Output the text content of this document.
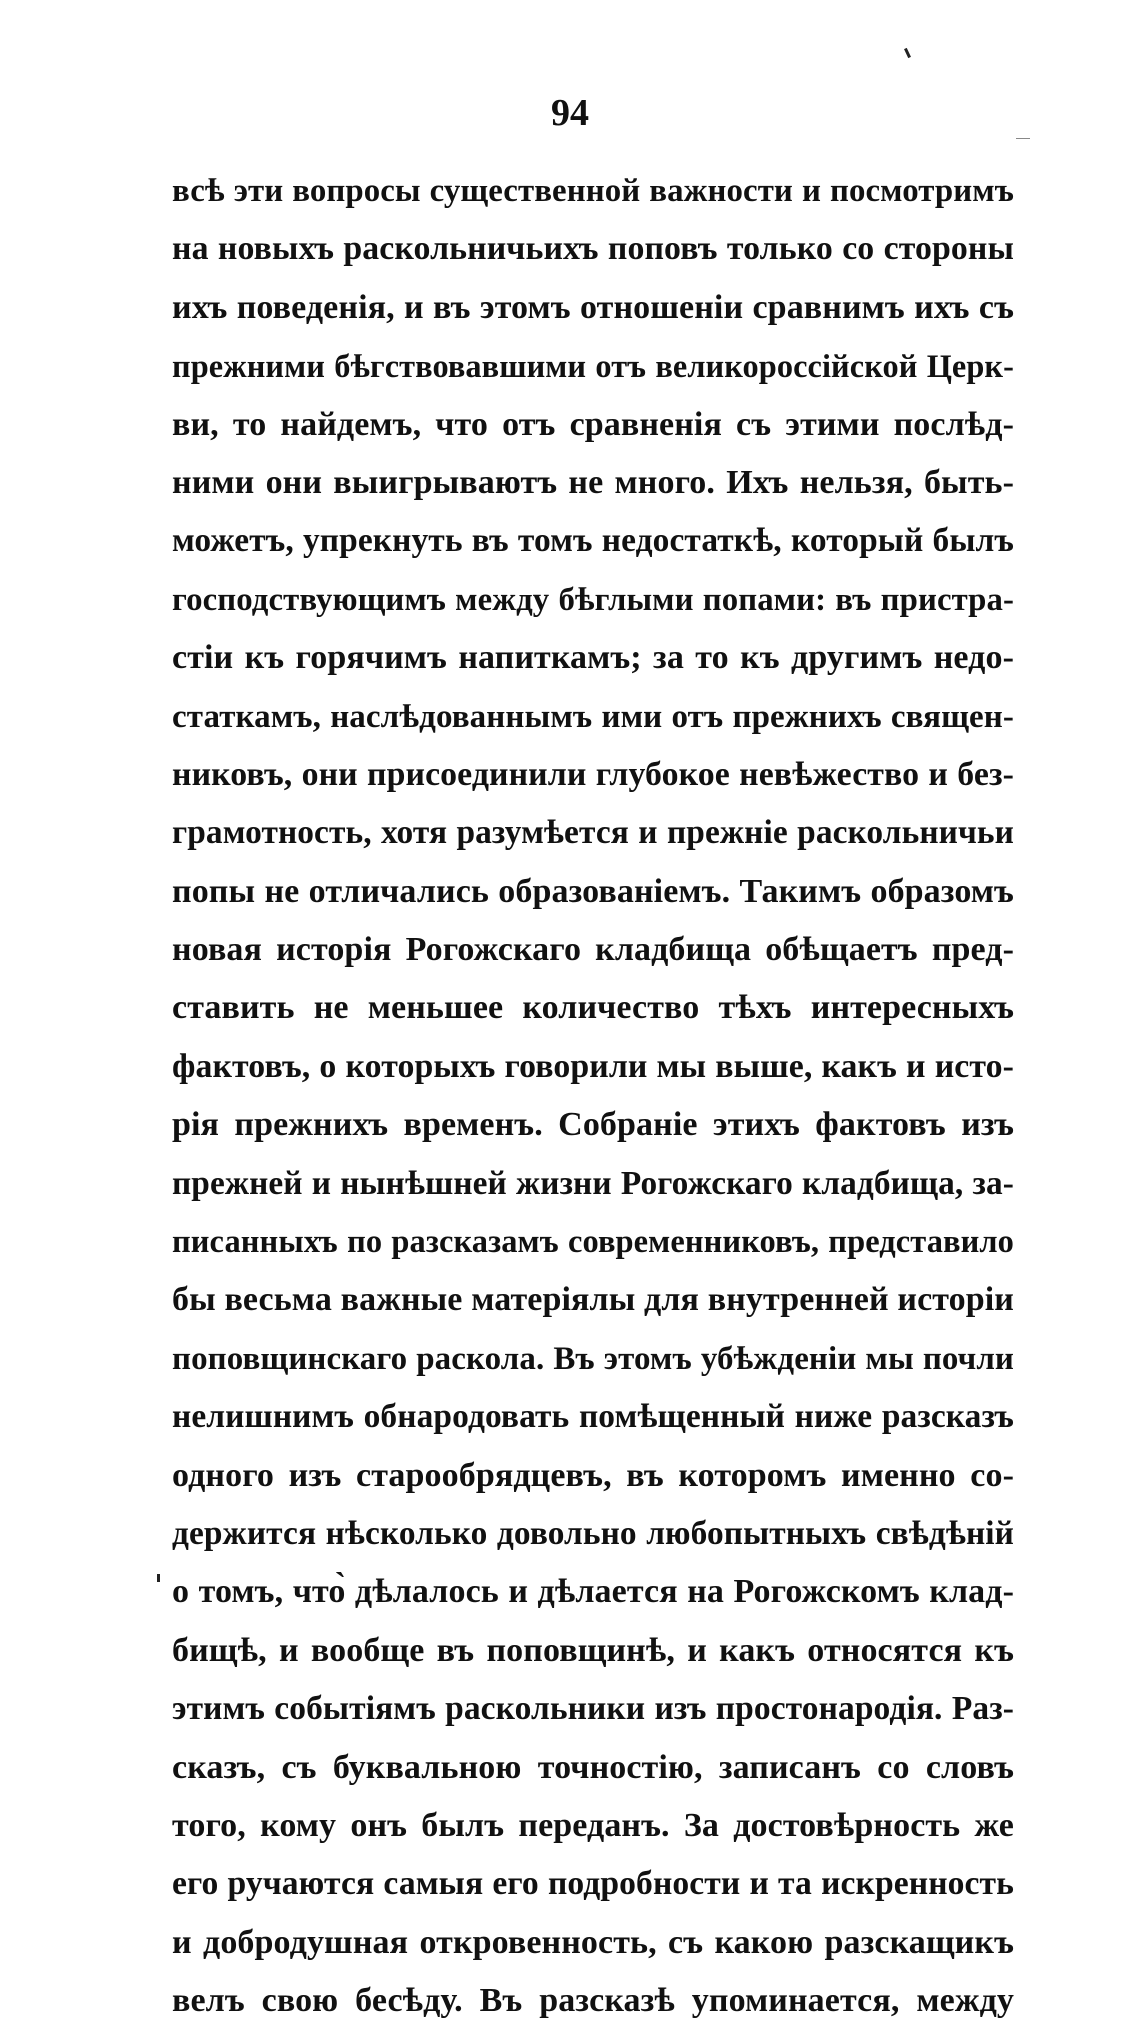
94
всѣ эти вопросы существенной важности и посмотримъ
на новыхъ раскольничьихъ поповъ только со стороны
ихъ поведенія, и въ этомъ отношеніи сравнимъ ихъ съ
прежними бѣгствовавшими отъ великороссійской Церк-
ви, то найдемъ, что отъ сравненія съ этими послѣд-
ними они выигрываютъ не много. Ихъ нельзя, быть-
можетъ, упрекнуть въ томъ недостаткѣ, который былъ
господствующимъ между бѣглыми попами: въ пристра-
стіи къ горячимъ напиткамъ; за то къ другимъ недо-
статкамъ, наслѣдованнымъ ими отъ прежнихъ священ-
никовъ, они присоединили глубокое невѣжество и без-
грамотность, хотя разумѣется и прежніе раскольничьи
попы не отличались образованіемъ. Такимъ образомъ
новая исторія Рогожскаго кладбища обѣщаетъ пред-
ставить не меньшее количество тѣхъ интересныхъ
фактовъ, о которыхъ говорили мы выше, какъ и исто-
рія прежнихъ временъ. Собраніе этихъ фактовъ изъ
прежней и нынѣшней жизни Рогожскаго кладбища, за-
писанныхъ по разсказамъ современниковъ, представило
бы весьма важные матеріялы для внутренней исторіи
поповщинскаго раскола. Въ этомъ убѣжденіи мы почли
нелишнимъ обнародовать помѣщенный ниже разсказъ
одного изъ старообрядцевъ, въ которомъ именно со-
держится нѣсколько довольно любопытныхъ свѣдѣній
о томъ, что̀ дѣлалось и дѣлается на Рогожскомъ клад-
бищѣ, и вообще въ поповщинѣ, и какъ относятся къ
этимъ событіямъ раскольники изъ простонародія. Раз-
сказъ, съ буквальною точностію, записанъ со словъ
того, кому онъ былъ переданъ. За достовѣрность же
его ручаются самыя его подробности и та искренность
и добродушная откровенность, съ какою разскащикъ
велъ свою бесѣду. Въ разсказѣ упоминается, между
